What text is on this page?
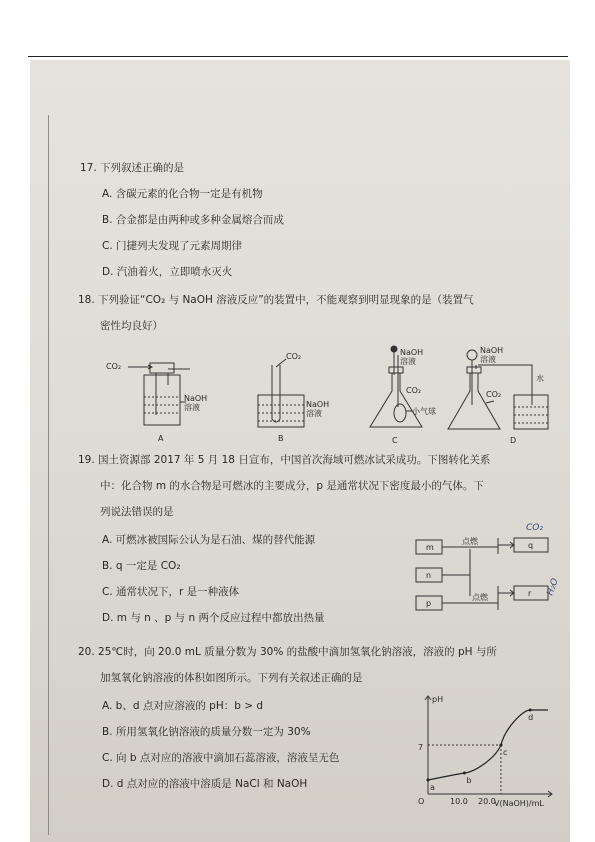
17. 下列叙述正确的是
A. 含碳元素的化合物一定是有机物
B. 合金都是由两种或多种金属熔合而成
C. 门捷列夫发现了元素周期律
D. 汽油着火，立即喷水灭火
18. 下列验证“CO₂ 与 NaOH 溶液反应”的装置中，不能观察到明显现象的是（装置气
密性均良好）
CO₂
NaOH
溶液
A
CO₂
NaOH
溶液
B
NaOH
溶液
CO₂
小气球
C
NaOH
溶液
CO₂
水
D
19. 国土资源部 2017 年 5 月 18 日宣布，中国首次海域可燃冰试采成功。下图转化关系
中：化合物 m 的水合物是可燃冰的主要成分，p 是通常状况下密度最小的气体。下
列说法错误的是
A. 可燃冰被国际公认为是石油、煤的替代能源
B. q 一定是 CO₂
C. 通常状况下，r 是一种液体
D. m 与 n 、p 与 n 两个反应过程中都放出热量
m
n
p
q
r
点燃
点燃
CO₂
H₂O
20. 25℃时，向 20.0 mL 质量分数为 30% 的盐酸中滴加氢氧化钠溶液，溶液的 pH 与所
加氢氧化钠溶液的体积如图所示。下列有关叙述正确的是
A. b、d 点对应溶液的 pH：b > d
B. 所用氢氧化钠溶液的质量分数一定为 30%
C. 向 b 点对应的溶液中滴加石蕊溶液，溶液呈无色
D. d 点对应的溶液中溶质是 NaCl 和 NaOH	a
b
c
d
pH
V(NaOH)/mL
O	10.0 20.0
7
